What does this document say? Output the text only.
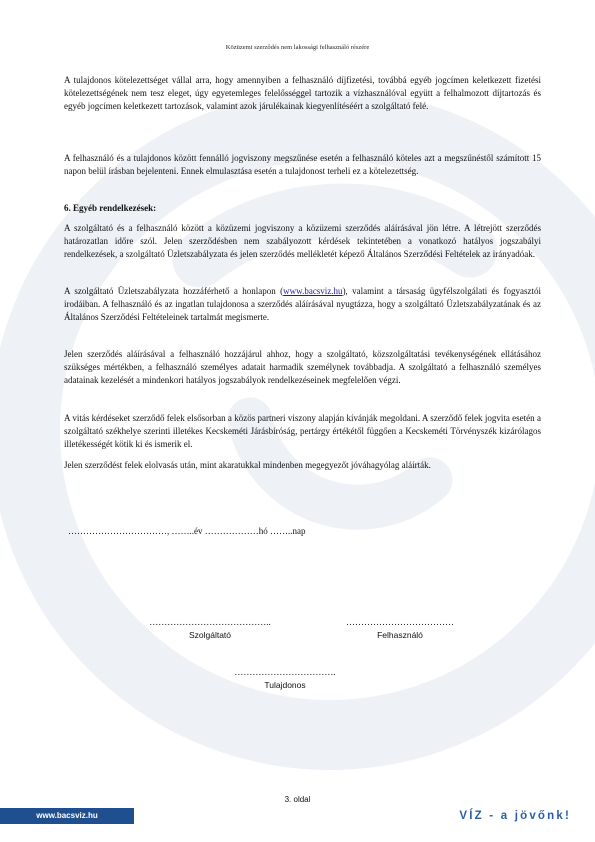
Közüzemi szerződés nem lakossági felhasználó részére

A tulajdonos kötelezettséget vállal arra, hogy amennyiben a felhasználó díjfizetési, továbbá egyéb jogcímen keletkezett fizetési kötelezettségének nem tesz eleget, úgy egyetemleges felelősséggel tartozik a vízhasználóval együtt a felhalmozott díjtartozás és egyéb jogcímen keletkezett tartozások, valamint azok járulékainak kiegyenlítéséért a szolgáltató felé.

A felhasználó és a tulajdonos között fennálló jogviszony megszűnése esetén a felhasználó köteles azt a megszűnéstől számított 15 napon belül írásban bejelenteni. Ennek elmulasztása esetén a tulajdonost terheli ez a kötelezettség.

6. Egyéb rendelkezések:

A szolgáltató és a felhasználó között a közüzemi jogviszony a közüzemi szerződés aláírásával jön létre. A létrejött szerződés határozatlan időre szól. Jelen szerződésben nem szabályozott kérdések tekintetében a vonatkozó hatályos jogszabályi rendelkezések, a szolgáltató Üzletszabályzata és jelen szerződés mellékletét képező Általános Szerződési Feltételek az irányadóak.

A szolgáltató Üzletszabályzata hozzáférhető a honlapon (www.bacsviz.hu), valamint a társaság ügyfélszolgálati és fogyasztói irodáiban. A felhasználó és az ingatlan tulajdonosa a szerződés aláírásával nyugtázza, hogy a szolgáltató Üzletszabályzatának és az Általános Szerződési Feltételeinek tartalmát megismerte.

Jelen szerződés aláírásával a felhasználó hozzájárul ahhoz, hogy a szolgáltató, közszolgáltatási tevékenységének ellátásához szükséges mértékben, a felhasználó személyes adatait harmadik személynek továbbadja. A szolgáltató a felhasználó személyes adatainak kezelését a mindenkori hatályos jogszabályok rendelkezéseinek megfelelően végzi.

A vitás kérdéseket szerződő felek elsősorban a közös partneri viszony alapján kívánják megoldani. A szerződő felek jogvita esetén a szolgáltató székhelye szerinti illetékes Kecskeméti Járásbíróság, pertárgy értékétől függően a Kecskeméti Törvényszék kizárólagos illetékességét kötik ki és ismerik el.

Jelen szerződést felek elolvasás után, mint akaratukkal mindenben megegyezőt jóváhagyólag aláírták.

……………………………, ……..év ………………hó ……..nap
…………………………………..
Szolgáltató
………………………………
Felhasználó
…………………………….
Tulajdonos
3. oldal
www.bacsviz.hu	VÍZ - a jövőnk!
